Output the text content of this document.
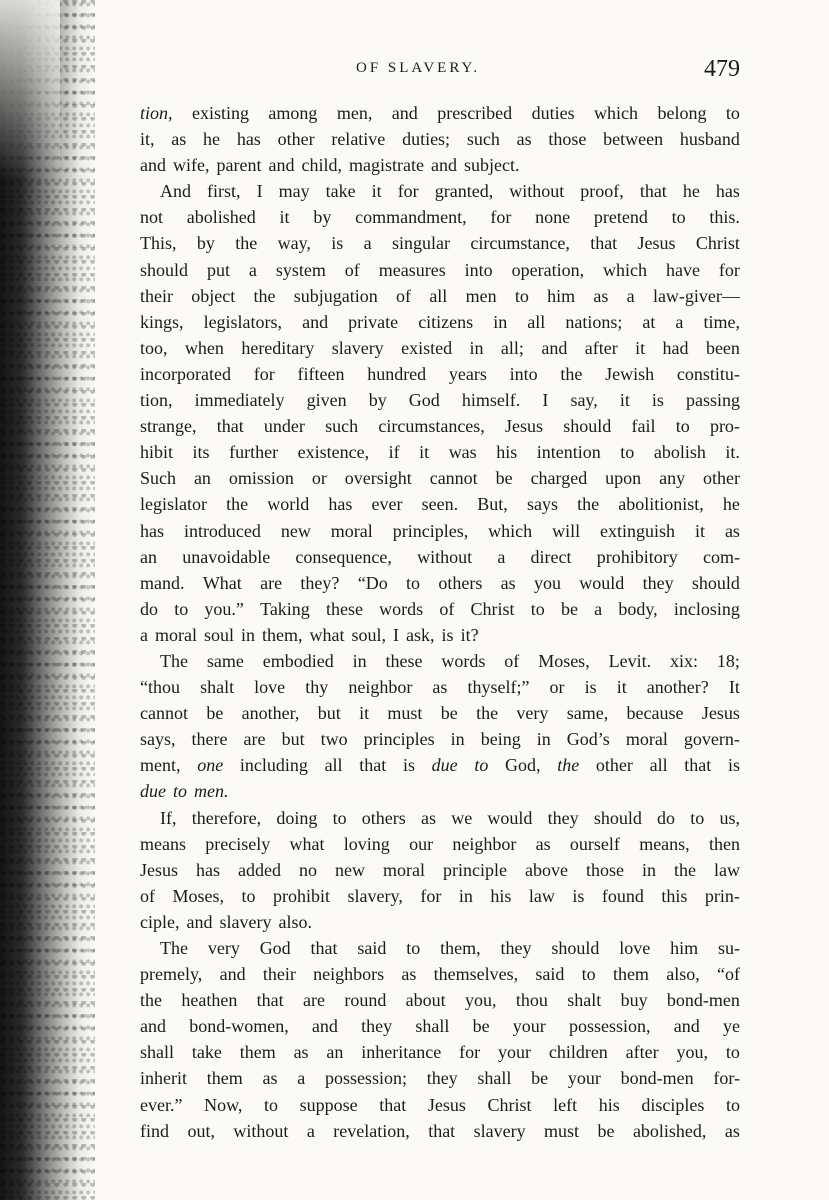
OF SLAVERY.	479
tion, existing among men, and prescribed duties which belong to
it, as he has other relative duties; such as those between husband
and wife, parent and child, magistrate and subject.
And first, I may take it for granted, without proof, that he has
not abolished it by commandment, for none pretend to this.
This, by the way, is a singular circumstance, that Jesus Christ
should put a system of measures into operation, which have for
their object the subjugation of all men to him as a law-giver—
kings, legislators, and private citizens in all nations; at a time,
too, when hereditary slavery existed in all; and after it had been
incorporated for fifteen hundred years into the Jewish constitu-
tion, immediately given by God himself. I say, it is passing
strange, that under such circumstances, Jesus should fail to pro-
hibit its further existence, if it was his intention to abolish it.
Such an omission or oversight cannot be charged upon any other
legislator the world has ever seen. But, says the abolitionist, he
has introduced new moral principles, which will extinguish it as
an unavoidable consequence, without a direct prohibitory com-
mand. What are they? “Do to others as you would they should
do to you.” Taking these words of Christ to be a body, inclosing
a moral soul in them, what soul, I ask, is it?
The same embodied in these words of Moses, Levit. xix: 18;
“thou shalt love thy neighbor as thyself;” or is it another? It
cannot be another, but it must be the very same, because Jesus
says, there are but two principles in being in God’s moral govern-
ment, one including all that is due to God, the other all that is
due to men.
If, therefore, doing to others as we would they should do to us,
means precisely what loving our neighbor as ourself means, then
Jesus has added no new moral principle above those in the law
of Moses, to prohibit slavery, for in his law is found this prin-
ciple, and slavery also.
The very God that said to them, they should love him su-
premely, and their neighbors as themselves, said to them also, “of
the heathen that are round about you, thou shalt buy bond-men
and bond-women, and they shall be your possession, and ye
shall take them as an inheritance for your children after you, to
inherit them as a possession; they shall be your bond-men for-
ever.” Now, to suppose that Jesus Christ left his disciples to
find out, without a revelation, that slavery must be abolished, as
